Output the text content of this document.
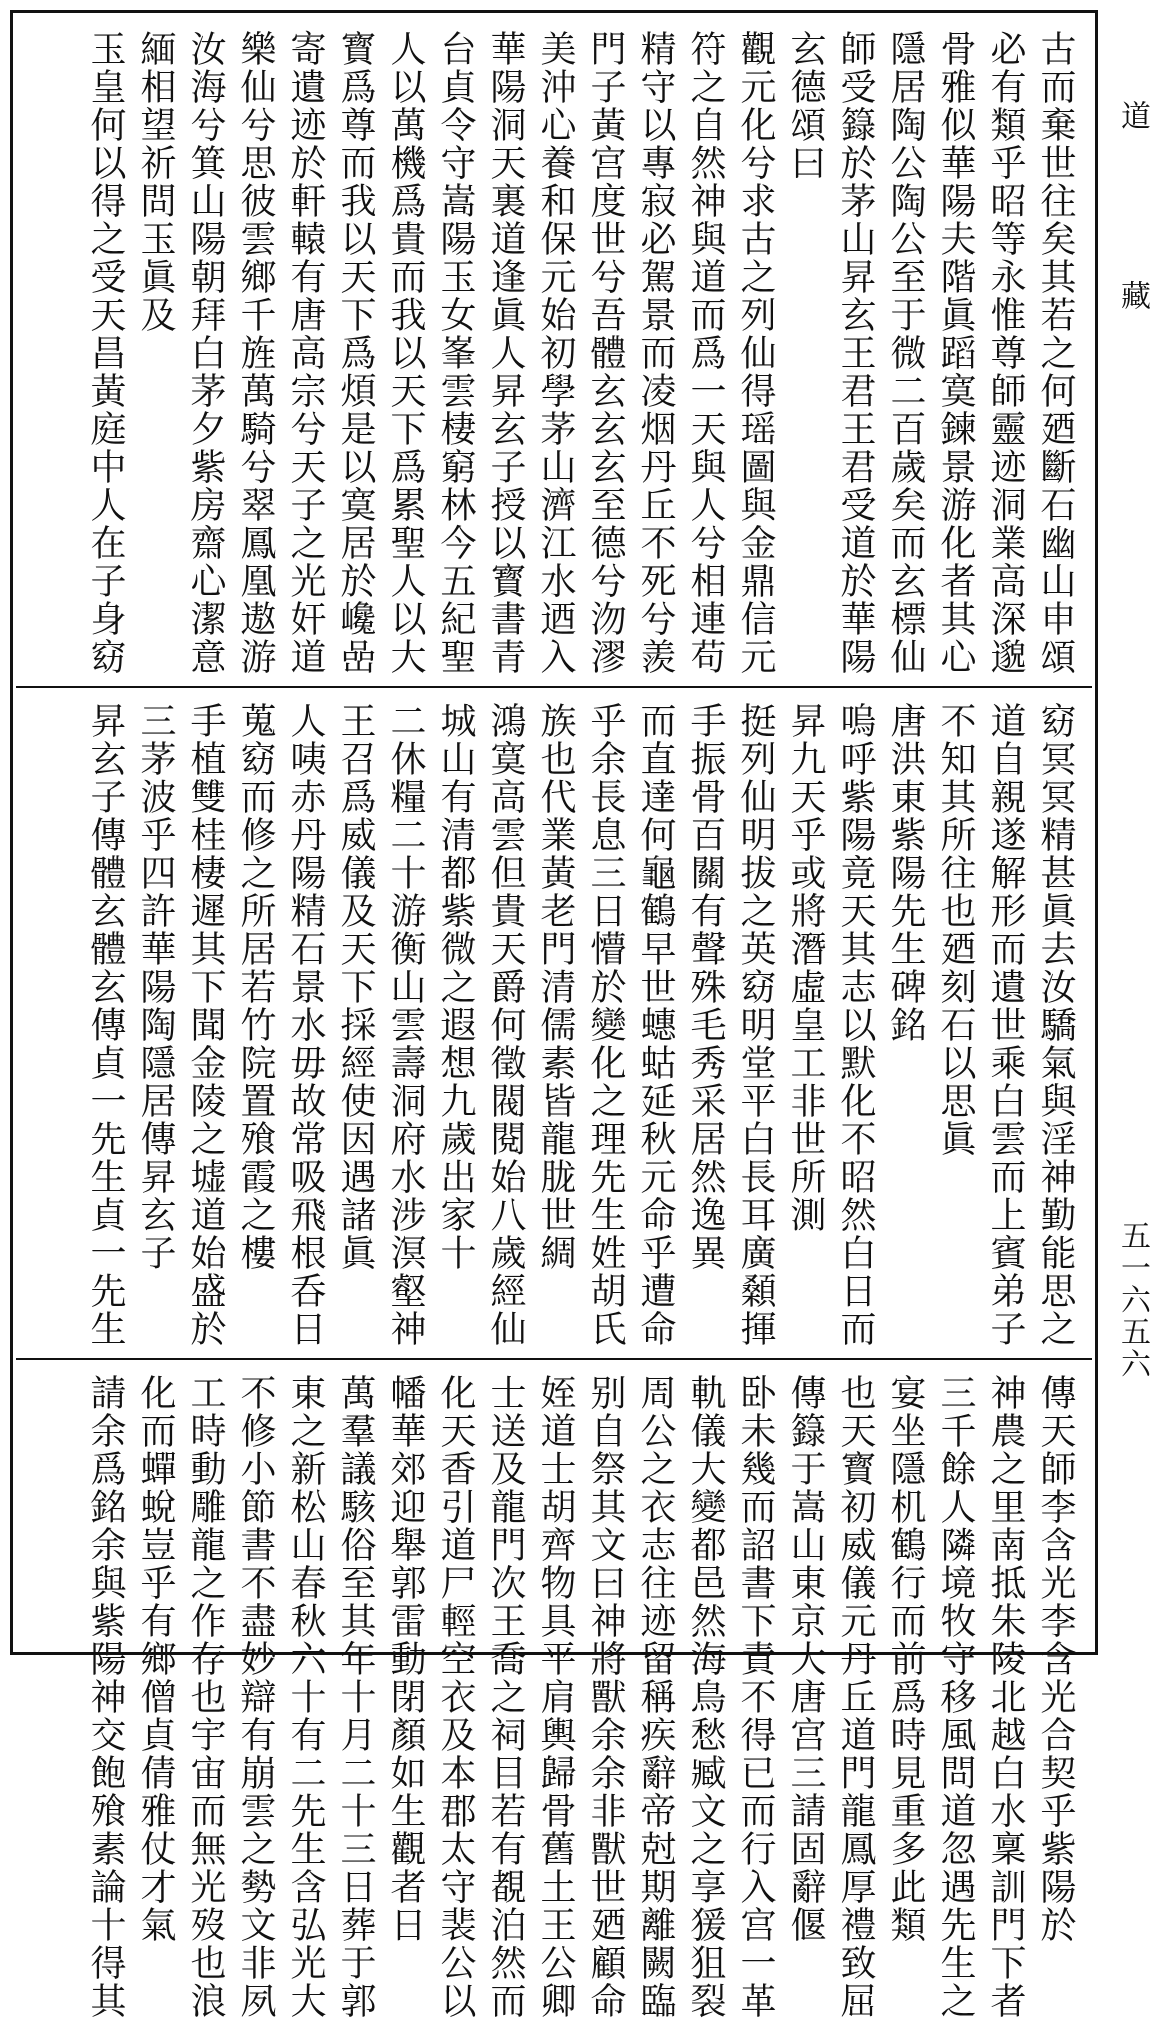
古而棄世往矣其若之何廼斷石幽山申頌
必有類乎昭等永惟尊師靈迹洞業高深邈
骨雅似華陽夫階眞蹈寞鍊景游化者其心
隱居陶公陶公至于微二百歲矣而玄標仙
師受籙於茅山昇玄王君王君受道於華陽
玄德頌曰
觀元化兮求古之列仙得瑶圖與金鼎信元
符之自然神與道而爲一天與人兮相連苟
精守以專寂必駕景而凌烟丹丘不死兮羨
門子黃宫度世兮吾體玄玄玄至德兮沕漻
美沖心養和保元始初學茅山濟江水迺入
華陽洞天裏道逢眞人昇玄子授以寳書青
台貞令守嵩陽玉女峯雲棲窮林今五紀聖
人以萬機爲貴而我以天下爲累聖人以大
寳爲尊而我以天下爲煩是以寞居於巉嵒
寄遺迹於軒轅有唐高宗兮天子之光奸道
樂仙兮思彼雲鄉千旌萬騎兮翠鳳凰遨游
汝海兮箕山陽朝拜白茅夕紫房齋心潔意
緬相望祈問玉眞及
玉皇何以得之受天昌黃庭中人在子身窈
窈冥冥精甚眞去汝驕氣與淫神勤能思之
道自親遂解形而遺世乘白雲而上賓弟子
不知其所往也廼刻石以思眞
唐洪東紫陽先生碑銘
嗚呼紫陽竟天其志以默化不昭然白日而
昇九天乎或將潛虛皇工非世所測
挺列仙明拔之英窈明堂平白長耳廣顙揮
手振骨百關有聲殊毛秀采居然逸異
而直達何龜鶴早世蟪蛄延秋元命乎遭命
乎余長息三日懵於變化之理先生姓胡氏
族也代業黃老門清儒素皆龍胧世綢
鴻寞高雲但貴天爵何徵閥閱始八歲經仙
城山有清都紫微之遐想九歲出家十
二休糧二十游衡山雲壽洞府水涉溟壑神
王召爲威儀及天下採經使因遇諸眞
人咦赤丹陽精石景水毋故常吸飛根呑日
蒐窈而修之所居若竹院置飱霞之樓
手植雙桂棲遲其下聞金陵之墟道始盛於
三茅波乎四許華陽陶隱居傳昇玄子
昇玄子傳體玄體玄傳貞一先生貞一先生
傳天師李含光李含光合契乎紫陽於
神農之里南抵朱陵北越白水稟訓門下者
三千餘人隣境牧守移風問道忽遇先生之
宴坐隱机鶴行而前爲時見重多此類
也天寳初威儀元丹丘道門龍鳳厚禮致屈
傳籙于嵩山東京大唐宫三請固辭偃
卧未幾而詔書下責不得已而行入宫一革
軌儀大變都邑然海鳥愁臧文之享猨狙裂
周公之衣志往迹留稱疾辭帝尅期離闕臨
别自祭其文曰神將獸余余非獸世廼顧命
姪道士胡齊物具平肩輿歸骨舊土王公卿
士送及龍門次王喬之祠目若有覩泊然而
化天香引道尸輕空衣及本郡太守裴公以
幡華郊迎舉郭雷動閉顏如生觀者日
萬羣議駭俗至其年十月二十三日葬于郭
東之新松山春秋六十有二先生含弘光大
不修小節書不盡妙辯有崩雲之勢文非夙
工時動雕龍之作存也宇宙而無光歿也浪
化而蟬蛻豈乎有鄉僧貞倩雅仗才氣
請余爲銘余與紫陽神交飽飱素論十得其
道藏
五一六五六
